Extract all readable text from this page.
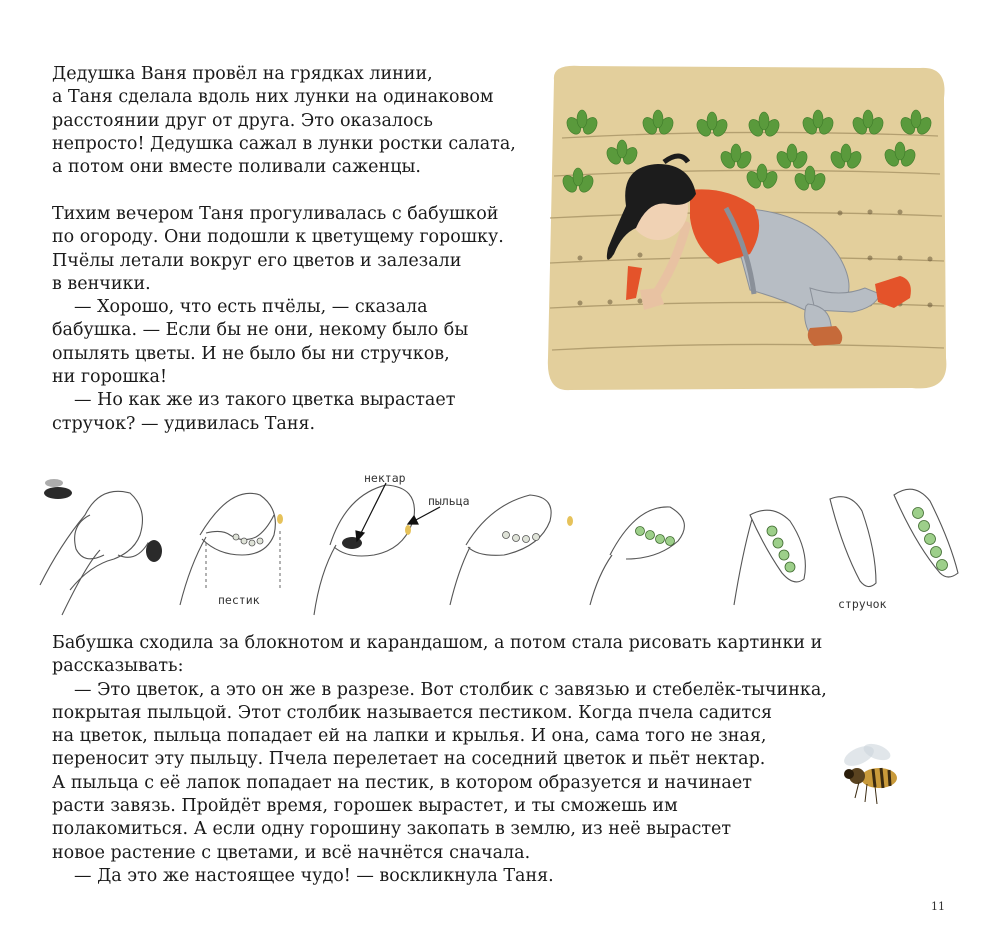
Дедушка Ваня провёл на грядках линии,
а Таня сделала вдоль них лунки на одинаковом
расстоянии друг от друга. Это оказалось
непросто! Дедушка сажал в лунки ростки салата,
а потом они вместе поливали саженцы.

Тихим вечером Таня прогуливалась с бабушкой
по огороду. Они подошли к цветущему горошку.
Пчёлы летали вокруг его цветов и залезали
в венчики.
— Хорошо, что есть пчёлы, — сказала
бабушка. — Если бы не они, некому было бы
опылять цветы. И не было бы ни стручков,
ни горошка!
— Но как же из такого цветка вырастает
стручок? — удивилась Таня.

нектар
пыльца
пестик	стручок

Бабушка сходила за блокнотом и карандашом, а потом стала рисовать картинки и
рассказывать:
— Это цветок, а это он же в разрезе. Вот столбик с завязью и стебелёк-тычинка,
покрытая пыльцой. Этот столбик называется пестиком. Когда пчела садится
на цветок, пыльца попадает ей на лапки и крылья. И она, сама того не зная,
переносит эту пыльцу. Пчела перелетает на соседний цветок и пьёт нектар.
А пыльца с её лапок попадает на пестик, в котором образуется и начинает
расти завязь. Пройдёт время, горошек вырастет, и ты сможешь им
полакомиться. А если одну горошину закопать в землю, из неё вырастет
новое растение с цветами, и всё начнётся сначала.
— Да это же настоящее чудо! — воскликнула Таня.

11
